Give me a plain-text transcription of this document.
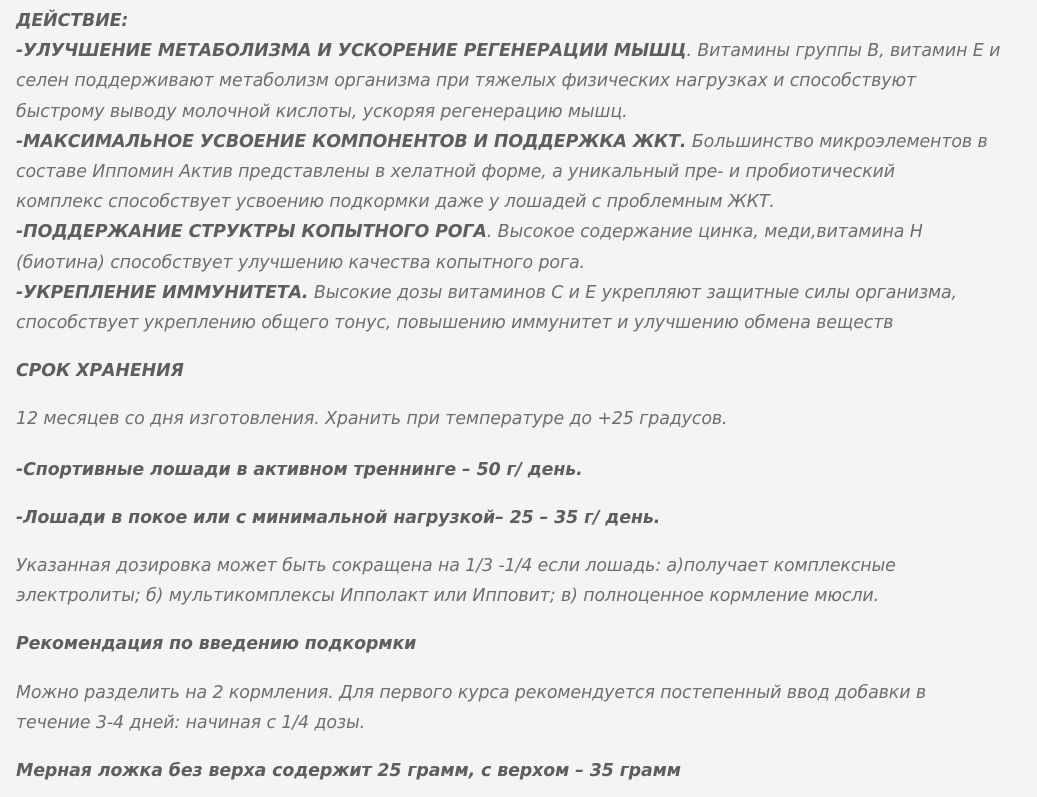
ДЕЙСТВИЕ:
-УЛУЧШЕНИЕ МЕТАБОЛИЗМА И УСКОРЕНИЕ РЕГЕНЕРАЦИИ МЫШЦ. Витамины группы В, витамин Е и
селен поддерживают метаболизм организма при тяжелых физических нагрузках и способствуют
быстрому выводу молочной кислоты, ускоряя регенерацию мышц.
-МАКСИМАЛЬНОЕ УСВОЕНИЕ КОМПОНЕНТОВ И ПОДДЕРЖКА ЖКТ. Большинство микроэлементов в
составе Иппомин Актив представлены в хелатной форме, а уникальный пре- и пробиотический
комплекс способствует усвоению подкормки даже у лошадей с проблемным ЖКТ.
-ПОДДЕРЖАНИЕ СТРУКТРЫ КОПЫТНОГО РОГА. Высокое содержание цинка, меди,витамина Н
(биотина) способствует улучшению качества копытного рога.
-УКРЕПЛЕНИЕ ИММУНИТЕТА. Высокие дозы витаминов С и Е укрепляют защитные силы организма,
способствует укреплению общего тонус, повышению иммунитет и улучшению обмена веществ
СРОК ХРАНЕНИЯ
12 месяцев со дня изготовления. Хранить при температуре до +25 градусов.
-Спортивные лошади в активном треннинге – 50 г/ день.
-Лошади в покое или с минимальной нагрузкой– 25 – 35 г/ день.
Указанная дозировка может быть сокращена на 1/3 -1/4 если лошадь: а)получает комплексные
электролиты; б) мультикомплексы Ипполакт или Ипповит; в) полноценное кормление мюсли.
Рекомендация по введению подкормки
Можно разделить на 2 кормления. Для первого курса рекомендуется постепенный ввод добавки в
течение 3-4 дней: начиная с 1/4 дозы.
Мерная ложка без верха содержит 25 грамм, с верхом – 35 грамм
